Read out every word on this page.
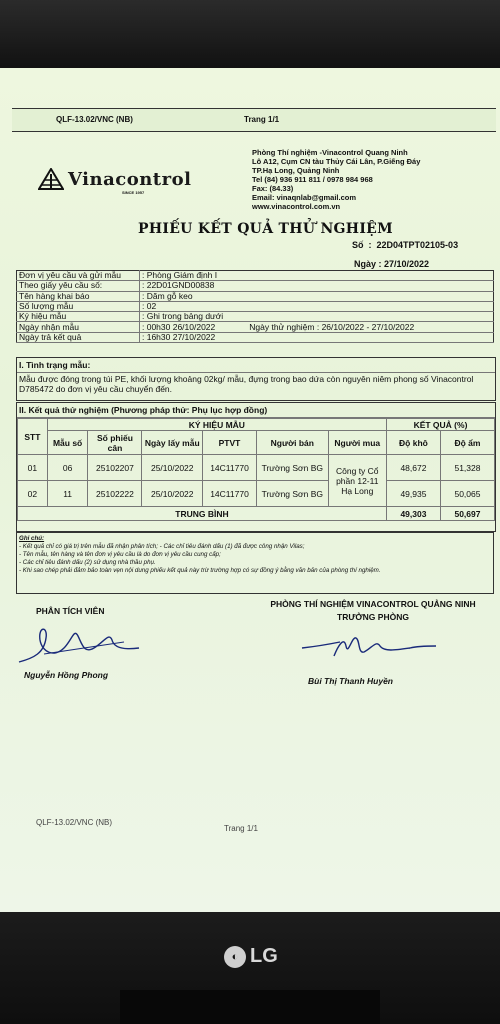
QLF-13.02/VNC (NB)	Trang 1/1
Vinacontrol
SINCE 1957
Phòng Thí nghiệm -Vinacontrol Quang Ninh
Lô A12, Cụm CN tàu Thủy Cái Lân, P.Giếng Đáy
TP.Hạ Long, Quảng Ninh
Tel (84) 936 911 811 / 0978 984 968
Fax: (84.33)
Email: vinaqnlab@gmail.com
www.vinacontrol.com.vn
PHIẾU KẾT QUẢ THỬ NGHIỆM
Số  :  22D04TPT02105-03
Ngày : 27/10/2022
Đơn vị yêu cầu và gửi mẫu	: Phòng Giám định I
Theo giấy yêu cầu số:	: 22D01GND00838
Tên hàng khai báo	: Dăm gỗ keo
Số lượng mẫu	: 02
Ký hiệu mẫu	: Ghi trong bảng dưới
Ngày nhận mẫu	: 00h30 26/10/2022 Ngày thử nghiệm : 26/10/2022 - 27/10/2022
Ngày trả kết quả	: 16h30 27/10/2022
I. Tình trạng mẫu:
Mẫu được đóng trong túi PE, khối lượng khoảng 02kg/ mẫu, đựng trong bao dứa còn nguyên niêm phong số Vinacontrol D785472 do đơn vị yêu cầu chuyển đến.
II. Kết quả thử nghiệm (Phương pháp thử: Phụ lục hợp đồng)
STT	KÝ HIỆU MẪU						KẾT QUẢ (%)	
	Mẫu số	Số phiếu cân	Ngày lấy mẫu	PTVT	Người bán	Người mua	Độ khô	Độ ẩm
01	06	25102207	25/10/2022	14C11770	Trường Sơn BG	Công ty Cổ phần 12-11 Hạ Long	48,672	51,328
02	11	25102222	25/10/2022	14C11770	Trường Sơn BG		49,935	50,065
TRUNG BÌNH							49,303	50,697
Ghi chú:
- Kết quả chỉ có giá trị trên mẫu đã nhận phân tích; - Các chỉ tiêu đánh dấu (1) đã được công nhận Vilas;
- Tên mẫu, tên hàng và tên đơn vị yêu cầu là do đơn vị yêu cầu cung cấp;
- Các chỉ tiêu đánh dấu (2) sử dụng nhà thầu phụ.
- Khi sao chép phải đảm bảo toàn vẹn nội dung phiếu kết quả này trừ trường hợp có sự đồng ý bằng văn bản của phòng thí nghiệm.
PHÂN TÍCH VIÊN
PHÒNG THÍ NGHIỆM VINACONTROL QUẢNG NINH
TRƯỞNG PHÒNG
Nguyễn Hồng Phong
Bùi Thị Thanh Huyền
QLF-13.02/VNC (NB)
Trang 1/1
◐ LG
